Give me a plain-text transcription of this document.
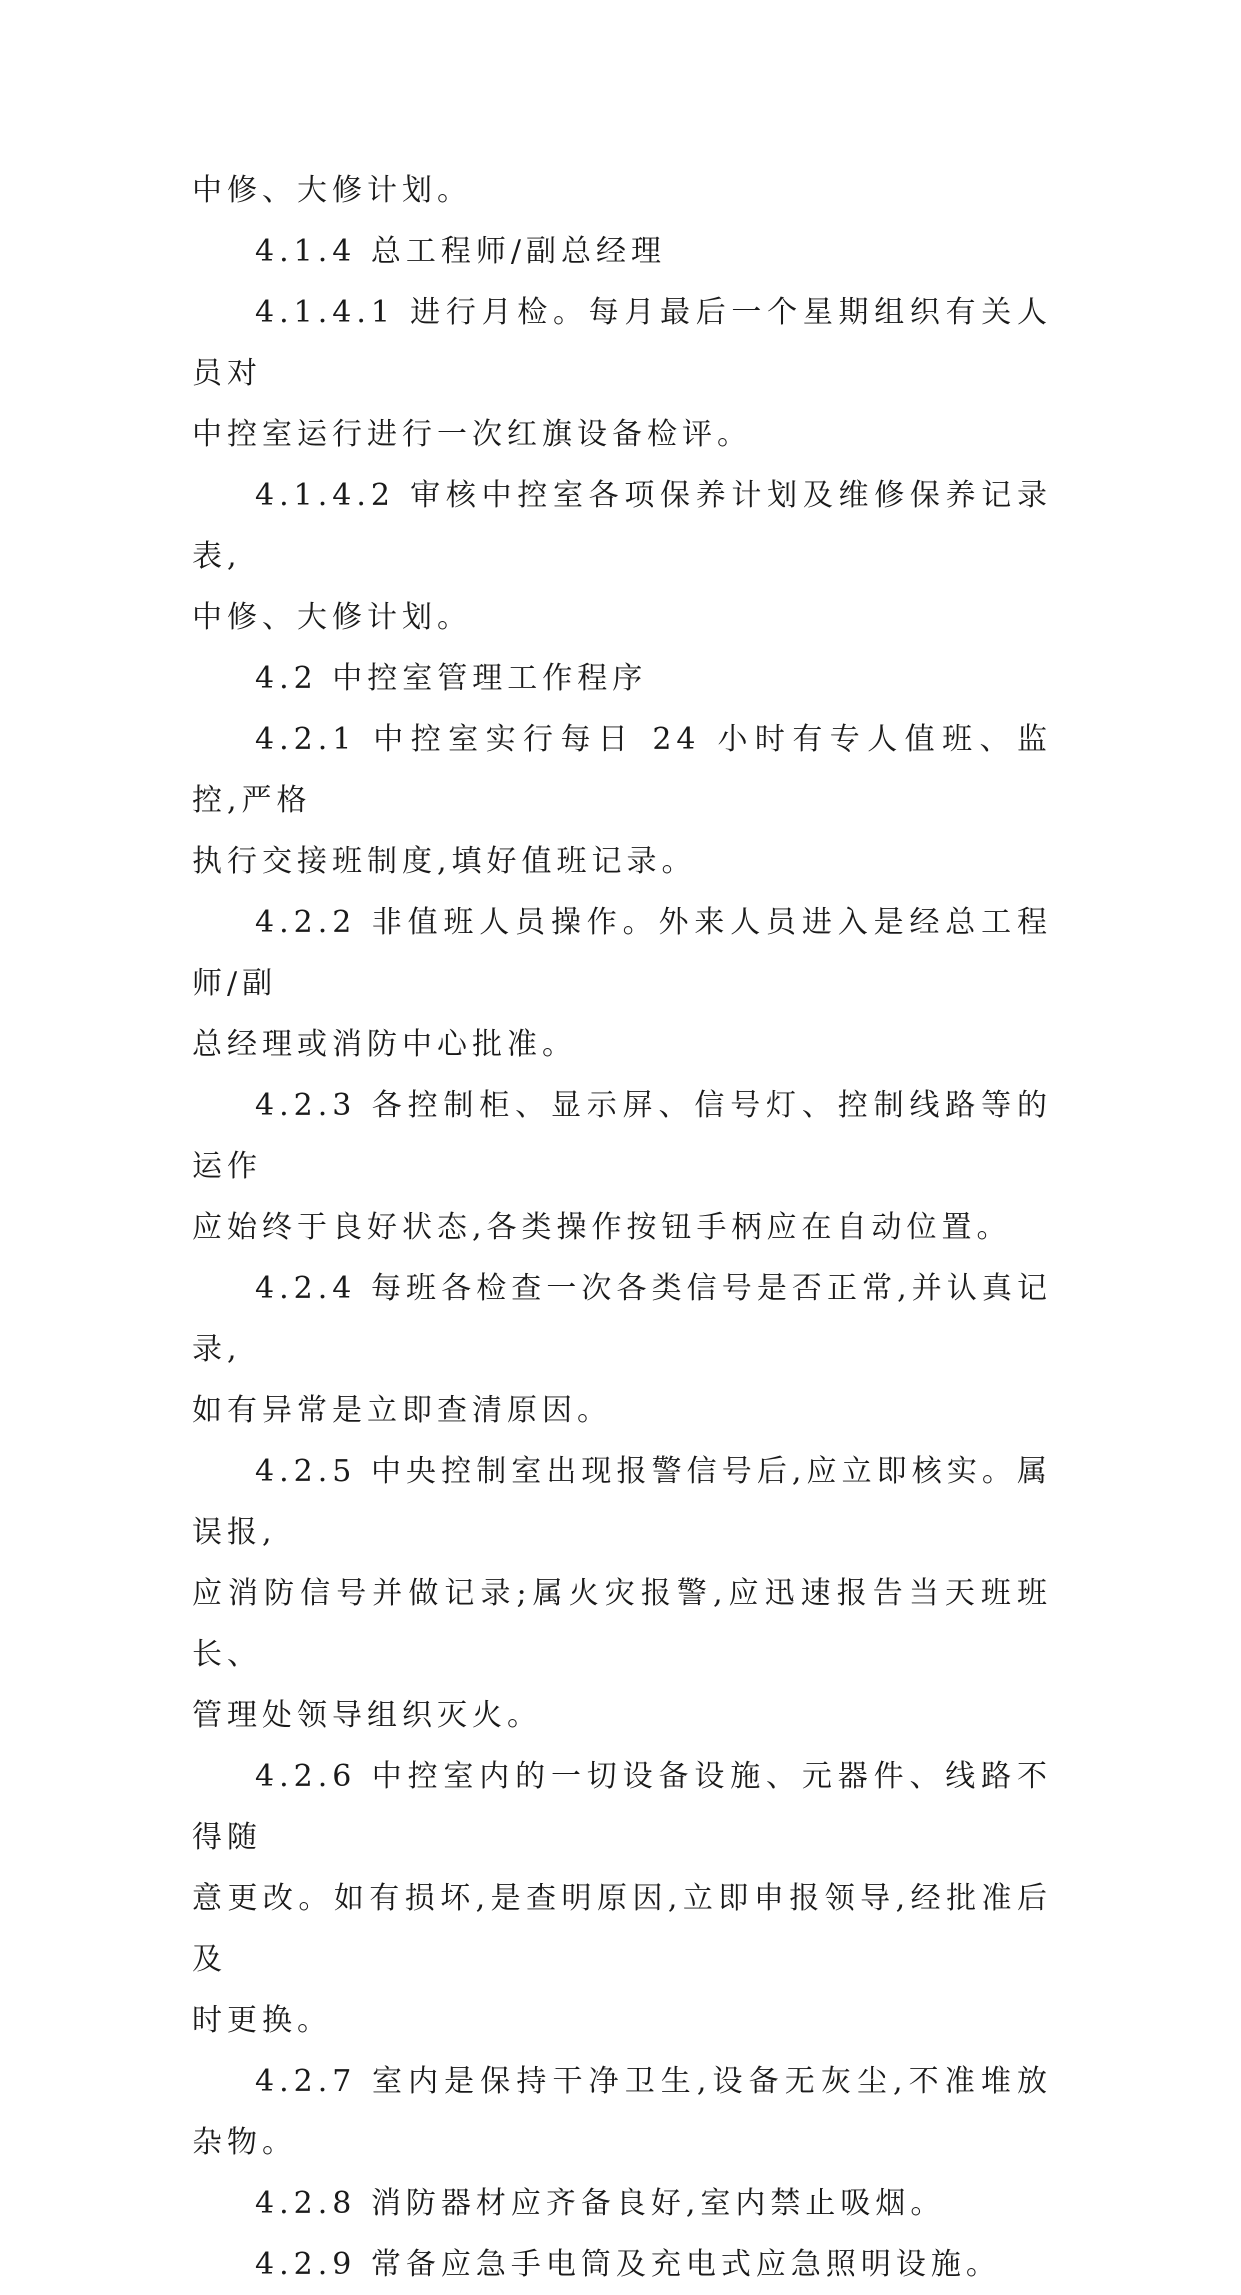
中修、大修计划。

4.1.4 总工程师/副总经理

4.1.4.1 进行月检。每月最后一个星期组织有关人员对
中控室运行进行一次红旗设备检评。

4.1.4.2 审核中控室各项保养计划及维修保养记录表,
中修、大修计划。

4.2 中控室管理工作程序

4.2.1 中控室实行每日 24 小时有专人值班、监控,严格
执行交接班制度,填好值班记录。

4.2.2 非值班人员操作。外来人员进入是经总工程师/副
总经理或消防中心批准。

4.2.3 各控制柜、显示屏、信号灯、控制线路等的运作
应始终于良好状态,各类操作按钮手柄应在自动位置。

4.2.4 每班各检查一次各类信号是否正常,并认真记录,
如有异常是立即查清原因。

4.2.5 中央控制室出现报警信号后,应立即核实。属误报,
应消防信号并做记录;属火灾报警,应迅速报告当天班班长、
管理处领导组织灭火。

4.2.6 中控室内的一切设备设施、元器件、线路不得随
意更改。如有损坏,是查明原因,立即申报领导,经批准后及
时更换。

4.2.7 室内是保持干净卫生,设备无灰尘,不准堆放杂物。

4.2.8 消防器材应齐备良好,室内禁止吸烟。

4.2.9 常备应急手电筒及充电式应急照明设施。
